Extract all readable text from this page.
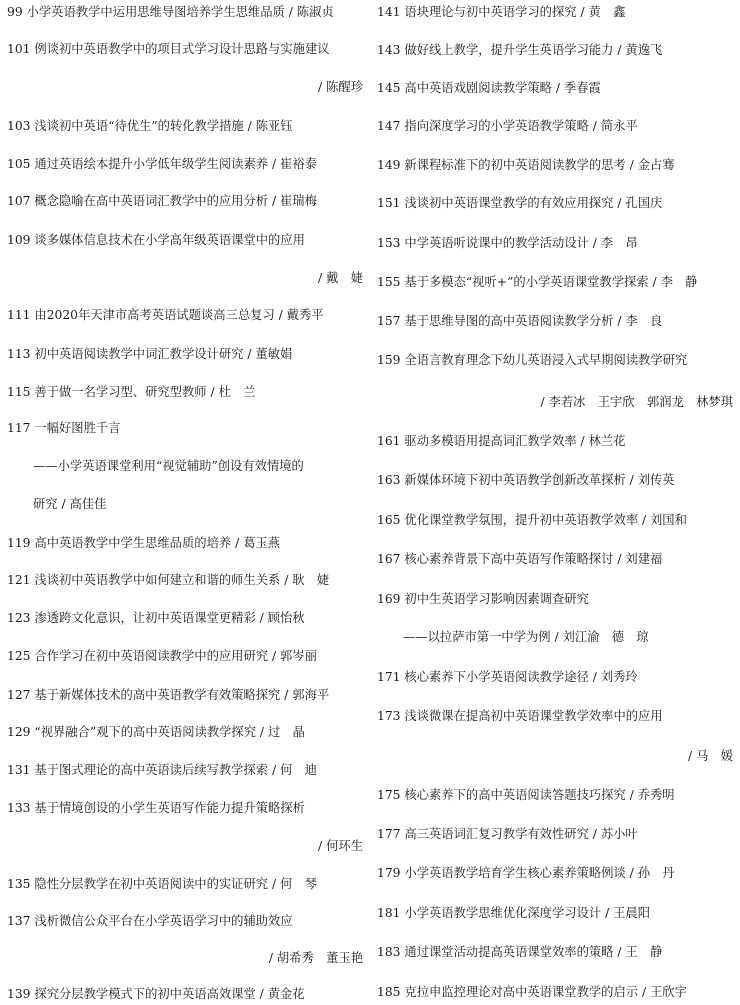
99 小学英语教学中运用思维导图培养学生思维品质 / 陈淑贞
101 例谈初中英语教学中的项目式学习设计思路与实施建议
/ 陈醒珍
103 浅谈初中英语“待优生”的转化教学措施 / 陈亚钰
105 通过英语绘本提升小学低年级学生阅读素养 / 崔裕泰
107 概念隐喻在高中英语词汇教学中的应用分析 / 崔瑞梅
109 谈多媒体信息技术在小学高年级英语课堂中的应用
/ 戴　婕
111 由2020年天津市高考英语试题谈高三总复习 / 戴秀平
113 初中英语阅读教学中词汇教学设计研究 / 董敏娟
115 善于做一名学习型、研究型教师 / 杜　兰
117 一幅好图胜千言
——小学英语课堂利用“视觉辅助”创设有效情境的
研究 / 高佳佳
119 高中英语教学中学生思维品质的培养 / 葛玉燕
121 浅谈初中英语教学中如何建立和谐的师生关系 / 耿　婕
123 渗透跨文化意识，让初中英语课堂更精彩 / 顾怡秋
125 合作学习在初中英语阅读教学中的应用研究 / 郭岑丽
127 基于新媒体技术的高中英语教学有效策略探究 / 郭海平
129 “视界融合”观下的高中英语阅读教学探究 / 过　晶
131 基于图式理论的高中英语读后续写教学探索 / 何　迪
133 基于情境创设的小学生英语写作能力提升策略探析
/ 何环生
135 隐性分层教学在初中英语阅读中的实证研究 / 何　琴
137 浅析微信公众平台在小学英语学习中的辅助效应
/ 胡希秀　董玉艳
139 探究分层教学模式下的初中英语高效课堂 / 黄金花
141 语块理论与初中英语学习的探究 / 黄　鑫
143 做好线上教学，提升学生英语学习能力 / 黄逸飞
145 高中英语戏剧阅读教学策略 / 季春霞
147 指向深度学习的小学英语教学策略 / 简永平
149 新课程标准下的初中英语阅读教学的思考 / 金占骞
151 浅谈初中英语课堂教学的有效应用探究 / 孔国庆
153 中学英语听说课中的教学活动设计 / 李　昂
155 基于多模态“视听+”的小学英语课堂教学探索 / 李　静
157 基于思维导图的高中英语阅读教学分析 / 李　良
159 全语言教育理念下幼儿英语浸入式早期阅读教学研究
/ 李若冰　王宇欣　郭润龙　林梦琪
161 驱动多模语用提高词汇教学效率 / 林兰花
163 新媒体环境下初中英语教学创新改革探析 / 刘传英
165 优化课堂教学氛围，提升初中英语教学效率 / 刘国和
167 核心素养背景下高中英语写作策略探讨 / 刘建福
169 初中生英语学习影响因素调查研究
——以拉萨市第一中学为例 / 刘江渝　德　琼
171 核心素养下小学英语阅读教学途径 / 刘秀玲
173 浅谈微课在提高初中英语课堂教学效率中的应用
/ 马　媛
175 核心素养下的高中英语阅读答题技巧探究 / 乔秀明
177 高三英语词汇复习教学有效性研究 / 苏小叶
179 小学英语教学培育学生核心素养策略例谈 / 孙　丹
181 小学英语教学思维优化深度学习设计 / 王晨阳
183 通过课堂活动提高英语课堂效率的策略 / 王　静
185 克拉申监控理论对高中英语课堂教学的启示 / 王欣宇
